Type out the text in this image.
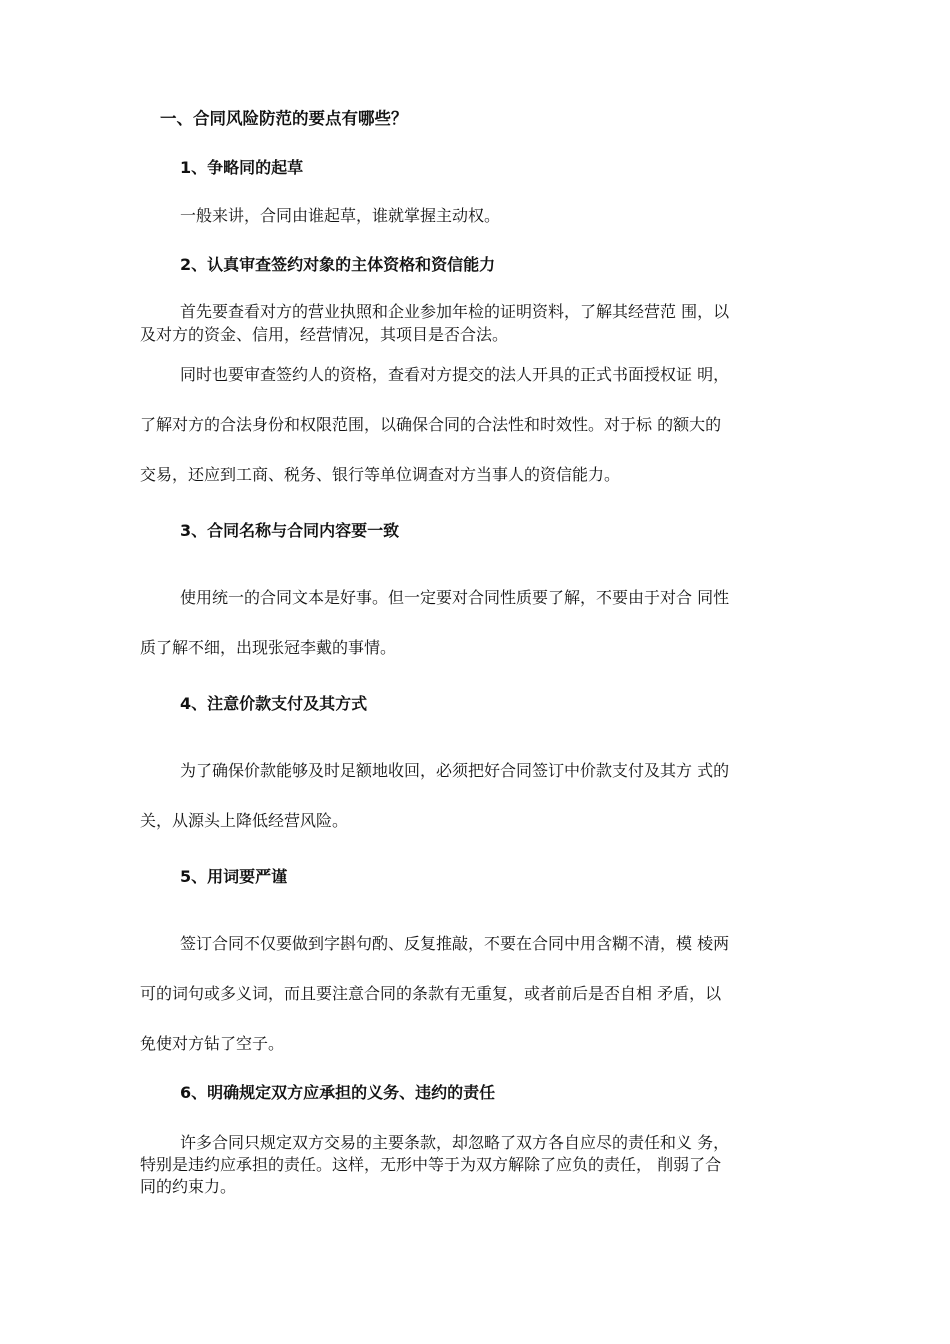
一、合同风险防范的要点有哪些？
1、争略同的起草
一般来讲，合同由谁起草，谁就掌握主动权。
2、认真审查签约对象的主体资格和资信能力
首先要查看对方的营业执照和企业参加年检的证明资料，了解其经营范 围，以
及对方的资金、信用，经营情况，其项目是否合法。
同时也要审查签约人的资格，查看对方提交的法人开具的正式书面授权证 明，
了解对方的合法身份和权限范围，以确保合同的合法性和时效性。对于标 的额大的
交易，还应到工商、税务、银行等单位调查对方当事人的资信能力。
3、合同名称与合同内容要一致
使用统一的合同文本是好事。但一定要对合同性质要了解，不要由于对合 同性
质了解不细，出现张冠李戴的事情。
4、注意价款支付及其方式
为了确保价款能够及时足额地收回，必须把好合同签订中价款支付及其方 式的
关，从源头上降低经营风险。
5、用词要严谨
签订合同不仅要做到字斟句酌、反复推敲，不要在合同中用含糊不清，模 棱两
可的词句或多义词，而且要注意合同的条款有无重复，或者前后是否自相 矛盾，以
免使对方钻了空子。
6、明确规定双方应承担的义务、违约的责任
许多合同只规定双方交易的主要条款，却忽略了双方各自应尽的责任和义 务，
特别是违约应承担的责任。这样，无形中等于为双方解除了应负的责任， 削弱了合
同的约束力。
